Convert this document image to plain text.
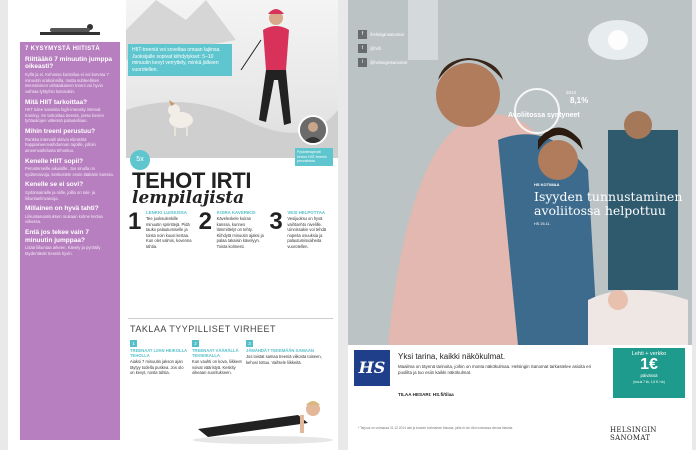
7 KYSYMYSTÄ HIITISTÄ
Riittääkö 7 minuutin jumppa oikeasti?
Kyllä ja ei. Kehossa kuntoilua ei voi korvata 7 minuutin urakoinnilla, mutta suhteellisen intensiivinen vähäaikainen treeni voi hyvin vaihtaa lyhtyihin kotonakin.
Mitä HIIT tarkoittaa?
HIIT tulee sanoista high-intensity interval training. Se tarkoittaa treeniä, jossa kovien työtaukojen väleissä palautellaan.
Mihin treeni perustuu?
Rankka intervalli aktivoi elimistöä happiaineenvaihdunnan rajoille, jolloin aineenvaihdunta tehostuu.
Kenelle HIIT sopii?
Perusterveille aikuisille. Jos sinulla on sydänvaivoja, keskustele ensin lääkärin kanssa.
Kenelle se ei sovi?
Sydänsairaille ja niille, joilla on tuki- ja liikuntaelinvaivoja.
Millainen on hyvä tahti?
Liikuntasuosituksen mukaan kolme kertaa viikossa.
Entä jos tekee vain 7 minuutin jumppaa?
Lisää liikuntaa arkeen. Kävely ja pyöräily täydentävät treeniä hyvin.
HIIT-treeniä voi soveltaa omaan lajiinsa. Juoksijalle sopivat kiihdytykset: 5–10 minuutin kevyt verryttely, minkä jälkeen vuorotellen.
Fysioterapeutti kertoo HIIT-treenin perusteista.
5x
TEHOT IRTI
lempilajista
1	LENKKI LUISKISSA
Tee juoksulenkille minuutin sprinttejä. Pidä tauko palautumiselle ja toista noin kuusi kertaa. Kun olet valmis, kovenna tahtia.
2	KOIRA KAVERIKSI
Käveleskele koiran kanssa, kunnes lämmittelyt on tehty. Kiihdytä minuutin ajaksi ja palaa takaisin kävelyyn. Toista kolmesti.
3	VESI HELPOTTAA
Vesijuoksu on hyvä vaihtoehto nivelille. Uinnissakin voi tehdä nopeita osuuksia ja palautumisvaiheita vuorotellen.
TAKLAA TYYPILLISET VIRHEET
1
TREENAAT LIIAN HEIKOLLA TEHOLLA
Aiaksi 7 minuutin jakson ajan täytyy todella puskea. Jos olo on kevyt, nosta tahtia.
2
TREENAAT VÄÄRÄLLÄ TEKNIIKALLA
Kun vauhti on kova, liikkeet voivat vääristyä. Keskity oikeaan suoritukseen.
3
JÄMÄHDÄT TEKEMÄÄN SAMAAN
Jos toistat samaa treeniä viikosta toiseen, kehosi tottuu. Vaihtele liikkeitä.
f	/helsinginsanomat
t	@hsfi
i	@helsinginsanomat
Avoliitossa syntyneet
2013
8,1%
HS KOTIMAA
Isyyden tunnustaminen avoliitossa helpottuu
HS 26.11.
HS
Yksi tarina, kaikki näkökulmat.
Maailma on täynnä tarinoita, joihin on monta näkökulmaa. Helsingin Sanomat tarkastelee asioita eri puolilta ja tuo esiin kaikki näkökulmat.
TILAA HESARI: HS.fi/tilaa
Lehti + verkko
1€
päivässä
(ma-la 7 kk, 1,5 € / vk)
* Tarjous on voimassa 31.12.2014 asti ja koskee kotimaisen tilausta, joilla ei ole ollut voimassa olevaa tilausta.	HELSINGIN SANOMAT
